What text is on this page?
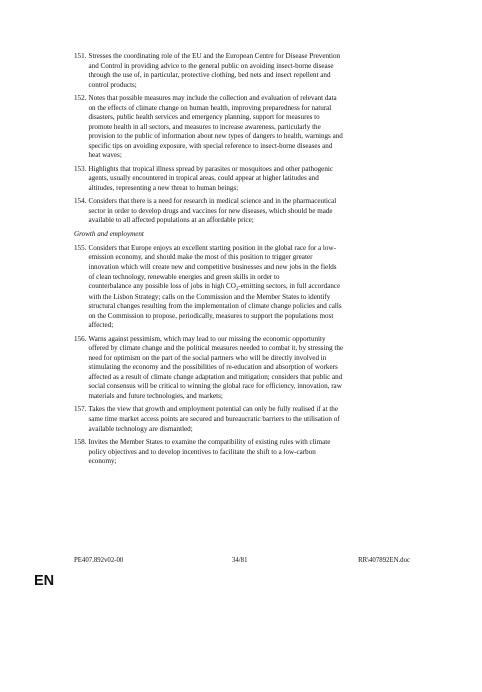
151. Stresses the coordinating role of the EU and the European Centre for Disease Prevention
and Control in providing advice to the general public on avoiding insect-borne disease
through the use of, in particular, protective clothing, bed nets and insect repellent and
control products;
152. Notes that possible measures may include the collection and evaluation of relevant data
on the effects of climate change on human health, improving preparedness for natural
disasters, public health services and emergency planning, support for measures to
promote health in all sectors, and measures to increase awareness, particularly the
provision to the public of information about new types of dangers to health, warnings and
specific tips on avoiding exposure, with special reference to insect-borne diseases and
heat waves;
153. Highlights that tropical illness spread by parasites or mosquitoes and other pathogenic
agents, usually encountered in tropical areas, could appear at higher latitudes and
altitudes, representing a new threat to human beings;
154. Considers that there is a need for research in medical science and in the pharmaceutical
sector in order to develop drugs and vaccines for new diseases, which should be made
available to all affected populations at an affordable price;
Growth and employment
155. Considers that Europe enjoys an excellent starting position in the global race for a low-
emission economy, and should make the most of this position to trigger greater
innovation which will create new and competitive businesses and new jobs in the fields
of clean technology, renewable energies and green skills in order to
counterbalance any possible loss of jobs in high $CO_2$-emitting sectors, in full accordance
with the Lisbon Strategy; calls on the Commission and the Member States to identify
structural changes resulting from the implementation of climate change policies and calls
on the Commission to propose, periodically, measures to support the populations most
affected;
156. Warns against pessimism, which may lead to our missing the economic opportunity
offered by climate change and the political measures needed to combat it, by stressing the
need for optimism on the part of the social partners who will be directly involved in
stimulating the economy and the possibilities of re-education and absorption of workers
affected as a result of climate change adaptation and mitigation; considers that public and
social consensus will be critical to winning the global race for efficiency, innovation, raw
materials and future technologies, and markets;
157. Takes the view that growth and employment potential can only be fully realised if at the
same time market access points are secured and bureaucratic barriers to the utilisation of
available technology are dismantled;
158. Invites the Member States to examine the compatibility of existing rules with climate
policy objectives and to develop incentives to facilitate the shift to a low-carbon
economy;
PE407.892v02-00	34/81	RR\407892EN.doc
EN
